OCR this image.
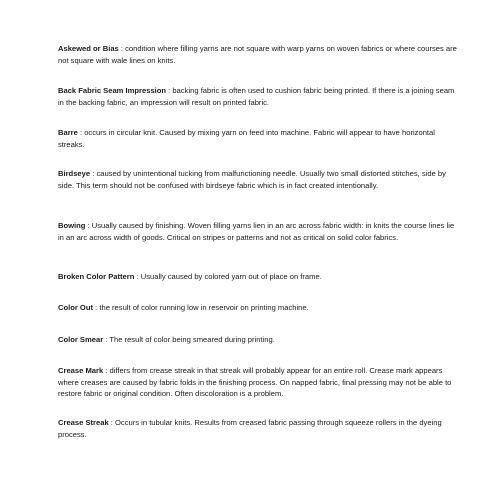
Askewed or Bias : condition where filling yarns are not square with warp yarns on woven fabrics or where courses are not square with wale lines on knits.

Back Fabric Seam Impression : backing fabric is often used to cushion fabric being printed. If there is a joining seam in the backing fabric, an impression will result on printed fabric.

Barre : occurs in circular knit. Caused by mixing yarn on feed into machine. Fabric will appear to have horizontal streaks.

Birdseye : caused by unintentional tucking from malfunctioning needle. Usually two small distorted stitches, side by side. This term should not be confused with birdseye fabric which is in fact created intentionally.

Bowing : Usually caused by finishing. Woven filling yarns lien in an arc across fabric width: in knits the course lines lie in an arc across width of goods. Critical on stripes or patterns and not as critical on solid color fabrics.

Broken Color Pattern : Usually caused by colored yarn out of place on frame.

Color Out : the result of color running low in reservoir on printing machine.

Color Smear : The result of color being smeared during printing.

Crease Mark : differs from crease streak in that streak will probably appear for an entire roll. Crease mark appears where creases are caused by fabric folds in the finishing process. On napped fabric, final pressing may not be able to restore fabric or original condition. Often discoloration is a problem.

Crease Streak : Occurs in tubular knits. Results from creased fabric passing through squeeze rollers in the dyeing process.
